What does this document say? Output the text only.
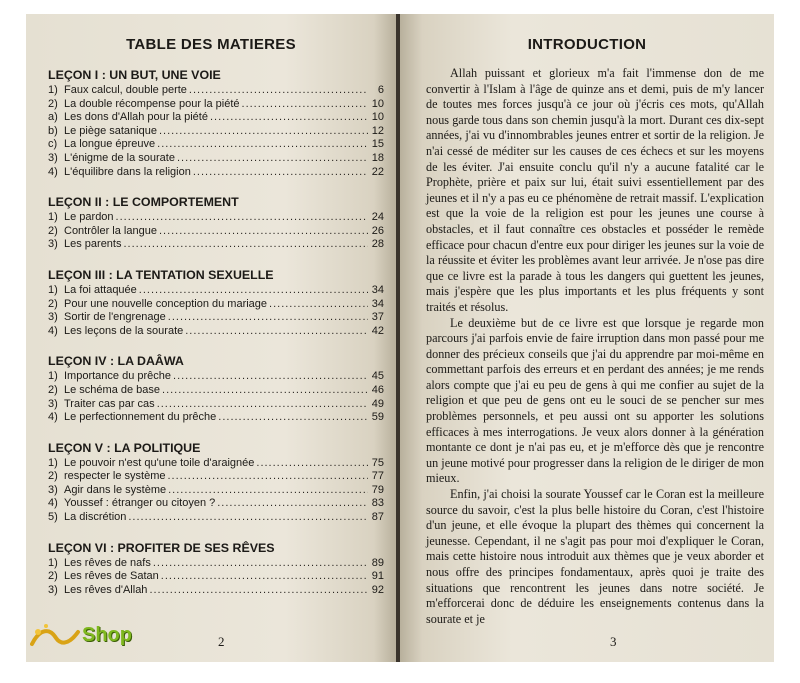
TABLE DES MATIERES
LEÇON I : UN BUT, UNE VOIE
1) Faux calcul, double perte .....	6
2) La double récompense pour la piété .....	10
a) Les dons d'Allah pour la piété .....	10
b) Le piège satanique .....	12
c) La longue épreuve .....	15
3) L'énigme de la sourate .....	18
4) L'équilibre dans la religion .....	22
LEÇON II : LE COMPORTEMENT
1) Le pardon .....	24
2) Contrôler la langue .....	26
3) Les parents .....	28
LEÇON III : LA TENTATION SEXUELLE
1) La foi attaquée .....	34
2) Pour une nouvelle conception du mariage .....	34
3) Sortir de l'engrenage .....	37
4) Les leçons de la sourate .....	42
LEÇON IV : LA DAÂWA
1) Importance du prêche .....	45
2) Le schéma de base .....	46
3) Traiter cas par cas .....	49
4) Le perfectionnement du prêche .....	59
LEÇON V : LA POLITIQUE
1) Le pouvoir n'est qu'une toile d'araignée .....	75
2) respecter le système .....	77
3) Agir dans le système .....	79
4) Youssef : étranger ou citoyen ? .....	83
5) La discrétion .....	87
LEÇON VI : PROFITER DE SES RÊVES
1) Les rêves de nafs .....	89
2) Les rêves de Satan .....	91
3) Les rêves d'Allah .....	92
2
INTRODUCTION

Allah puissant et glorieux m'a fait l'immense don de me convertir à l'Islam à l'âge de quinze ans et demi, puis de m'y lancer de toutes mes forces jusqu'à ce jour où j'écris ces mots, qu'Allah nous garde tous dans son chemin jusqu'à la mort. Durant ces dix-sept années, j'ai vu d'innombrables jeunes entrer et sortir de la religion. Je n'ai cessé de méditer sur les causes de ces échecs et sur les moyens de les éviter. J'ai ensuite conclu qu'il n'y a aucune fatalité car le Prophète, prière et paix sur lui, était suivi essentiellement par des jeunes et il n'y a pas eu ce phénomène de retrait massif. L'explication est que la voie de la religion est pour les jeunes une course à obstacles, et il faut connaître ces obstacles et posséder le remède efficace pour chacun d'entre eux pour diriger les jeunes sur la voie de la réussite et éviter les problèmes avant leur arrivée. Je n'ose pas dire que ce livre est la parade à tous les dangers qui guettent les jeunes, mais j'espère que les plus importants et les plus fréquents y sont traités et résolus.

Le deuxième but de ce livre est que lorsque je regarde mon parcours j'ai parfois envie de faire irruption dans mon passé pour me donner des précieux conseils que j'ai du apprendre par moi-même en commettant parfois des erreurs et en perdant des années; je me rends alors compte que j'ai eu peu de gens à qui me confier au sujet de la religion et que peu de gens ont eu le souci de se pencher sur mes problèmes personnels, et peu aussi ont su apporter les solutions efficaces à mes interrogations. Je veux alors donner à la génération montante ce dont je n'ai pas eu, et je m'efforce dès que je rencontre un jeune motivé pour progresser dans la religion de le diriger de mon mieux.

Enfin, j'ai choisi la sourate Youssef car le Coran est la meilleure source du savoir, c'est la plus belle histoire du Coran, c'est l'histoire d'un jeune, et elle évoque la plupart des thèmes qui concernent la jeunesse. Cependant, il ne s'agit pas pour moi d'expliquer le Coran, mais cette histoire nous introduit aux thèmes que je veux aborder et nous offre des principes fondamentaux, après quoi je traite des situations que rencontrent les jeunes dans notre société. Je m'efforcerai donc de déduire les enseignements contenus dans la sourate et je

3
Shop
